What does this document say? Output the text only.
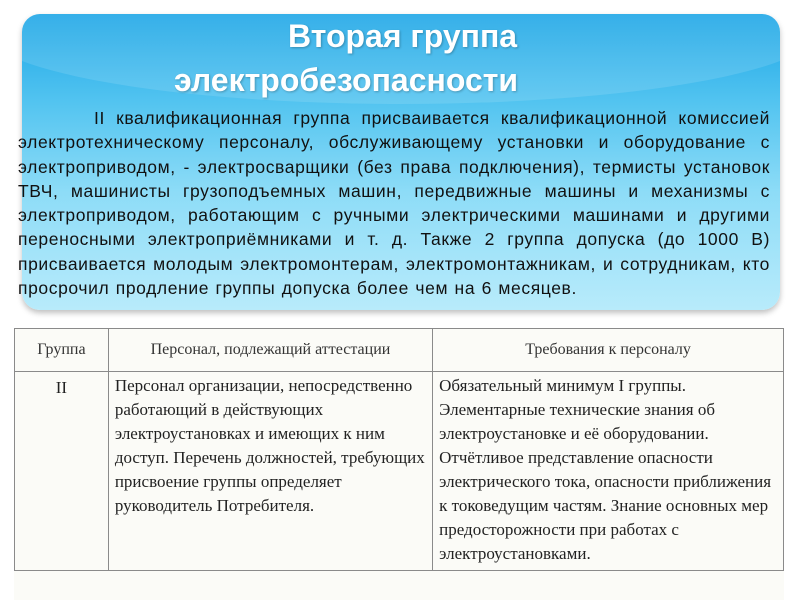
Вторая группа
электробезопасности
Группа	Персонал, подлежащий аттестации	Требования к персоналу
II	Персонал организации, непосредственно работающий в действующих электроустановках и имеющих к ним доступ. Перечень должностей, требующих присвоение группы определяет руководитель Потребителя.	Обязательный минимум I группы. Элементарные технические знания об электроустановке и её оборудовании. Отчётливое представление опасности электрического тока, опасности приближения к токоведущим частям. Знание основных мер предосторожности при работах с электроустановками.
II квалификационная группа присваивается квалификационной комиссией электротехническому персоналу, обслуживающему установки и оборудование с электроприводом, - электросварщики (без права подключения), термисты установок ТВЧ, машинисты грузоподъемных машин, передвижные машины и механизмы с электроприводом, работающим с ручными электрическими машинами и другими переносными электроприёмниками и т. д. Также 2 группа допуска (до 1000 В) присваивается молодым электромонтерам, электромонтажникам, и сотрудникам, кто просрочил продление группы допуска более чем на 6 месяцев.
